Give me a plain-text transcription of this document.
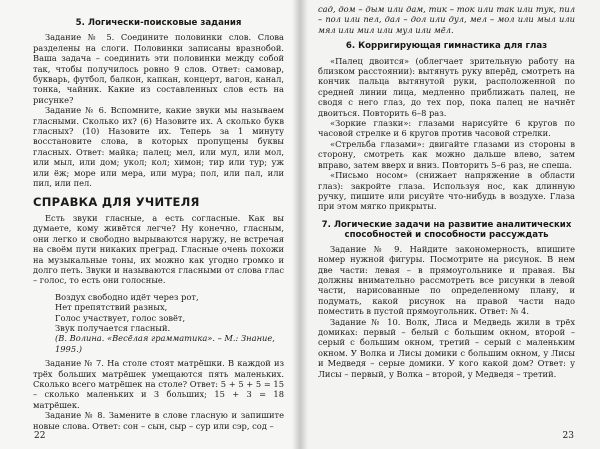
5. Логически-поисковые задания

Задание № 5. Соедините половинки слов. Слова разделены на слоги. Половинки записаны вразнобой. Ваша задача – соединить эти половинки между собой так, чтобы получилось ровно 9 слов. Ответ: самовар, букварь, футбол, балкон, капкан, концерт, вагон, канал, тонка, чайник. Какие из составленных слов есть на рисунке?

Задание № 6. Вспомните, какие звуки мы называем гласными. Сколько их? (6) Назовите их. А сколько букв гласных? (10) Назовите их. Теперь за 1 минуту восстановите слова, в которых пропущены буквы гласных. Ответ: майка; палец; мел, или мул, или мол, или мыл, или дом; укол; кол; химон; тир или тур; уж или ёж; море или мера, или мура; пол, или пал, или пил, или пел.

СПРАВКА ДЛЯ УЧИТЕЛЯ

Есть звуки гласные, а есть согласные. Как вы думаете, кому живётся легче? Ну конечно, гласным, они легко и свободно вырываются наружу, не встречая на своём пути никаких преград. Гласные очень похожи на музыкальные тоны, их можно как угодно громко и долго петь. Звуки и называются гласными от слова глас – голос, то есть они голосные.

Воздух свободно идёт через рот,
Нет препятствий разных,
Голос участвует, голос зовёт,
Звук получается гласный.
(В. Волина. «Весёлая грамматика». – М.: Знание, 1995.)

Задание № 7. На столе стоят матрёшки. В каждой из трёх больших матрёшек умещаются пять маленьких. Сколько всего матрёшек на столе? Ответ: 5 + 5 + 5 = 15 – сколько маленьких и 3 больших; 15 + 3 = 18 матрёшек.

Задание № 8. Замените в слове гласную и запишите новые слова. Ответ: сон – сын, сыр – сур или сэр, сод –

22

сад, дом – дым или дам, тик – ток или так или тук, пил – пол или пел, дал – дол или дул, мел – мол или мыл или мял или мил или мул или мёл.

6. Корригирующая гимнастика для глаз

«Палец двоится» (облегчает зрительную работу на близком расстоянии): вытянуть руку вперёд, смотреть на кончик пальца вытянутой руки, расположенной по средней линии лица, медленно приближать палец, не сводя с него глаз, до тех пор, пока палец не начнёт двоиться. Повторить 6–8 раз.

«Зоркие глазки»: глазами нарисуйте 6 кругов по часовой стрелке и 6 кругов против часовой стрелки.

«Стрельба глазами»: двигайте глазами из стороны в сторону, смотреть как можно дальше влево, затем вправо, затем вверх и вниз. Повторить 5–6 раз, не спеша.

«Письмо носом» (снижает напряжение в области глаз): закройте глаза. Используя нос, как длинную ручку, пишите или рисуйте что-нибудь в воздухе. Глаза при этом мягко прикрыты.

7. Логические задачи на развитие аналитических способностей и способности рассуждать

Задание № 9. Найдите закономерность, впишите номер нужной фигуры. Посмотрите на рисунок. В нем две части: левая – в прямоугольнике и правая. Вы должны внимательно рассмотреть все рисунки в левой части, нарисованные по определенному плану, и подумать, какой рисунок на правой части надо поместить в пустой прямоугольник. Ответ: № 4.

Задание № 10. Волк, Лиса и Медведь жили в трёх домиках: первый – белый с большим окном, второй – серый с большим окном, третий – серый с маленьким окном. У Волка и Лисы домики с большим окном, у Лисы и Медведя – серые домики. У кого какой дом? Ответ: у Лисы – первый, у Волка – второй, у Медведя – третий.

23
